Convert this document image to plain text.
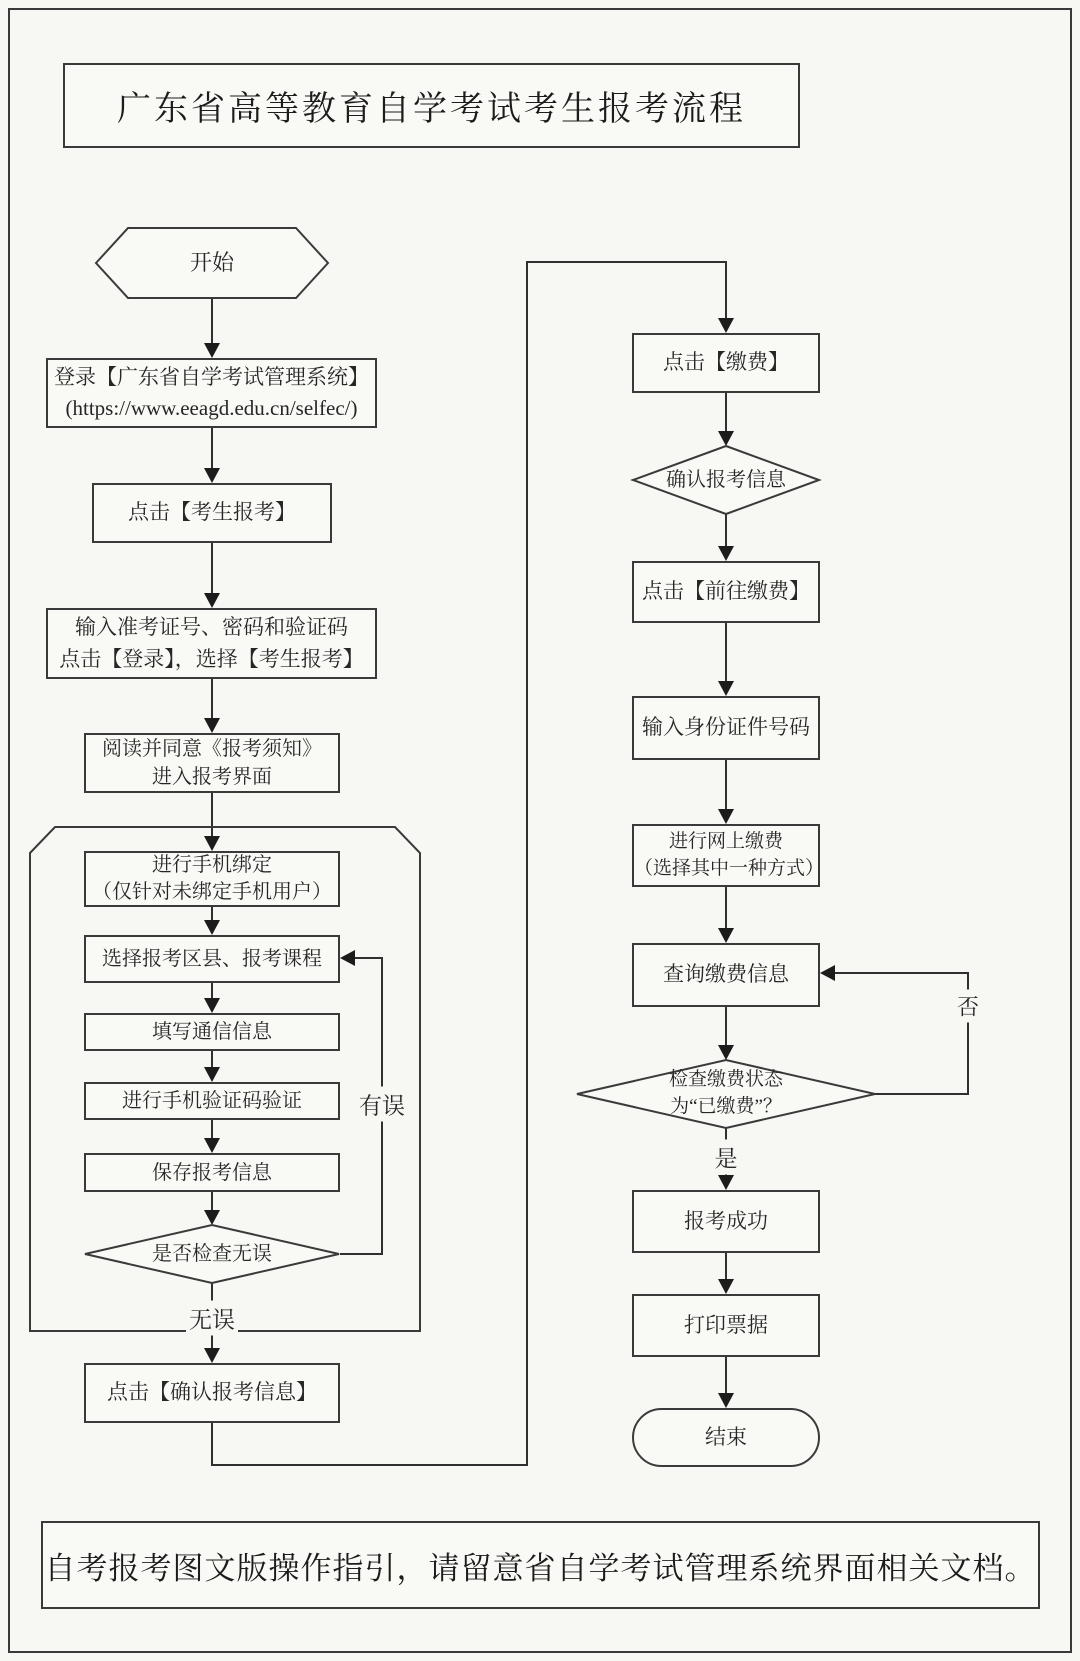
广东省高等教育自学考试考生报考流程
自考报考图文版操作指引，请留意省自学考试管理系统界面相关文档。
开始
是否检查无误
确认报考信息
检查缴费状态
为“已缴费”？
登录【广东省自学考试管理系统】
(https://www.eeagd.edu.cn/selfec/)
点击【考生报考】
输入准考证号、密码和验证码
点击【登录】，选择【考生报考】
阅读并同意《报考须知》
进入报考界面
进行手机绑定
（仅针对未绑定手机用户）
选择报考区县、报考课程
填写通信信息
进行手机验证码验证
保存报考信息
点击【确认报考信息】
点击【缴费】
点击【前往缴费】
输入身份证件号码
进行网上缴费
（选择其中一种方式）
查询缴费信息
报考成功
打印票据
结束
无误
有误
否
是
